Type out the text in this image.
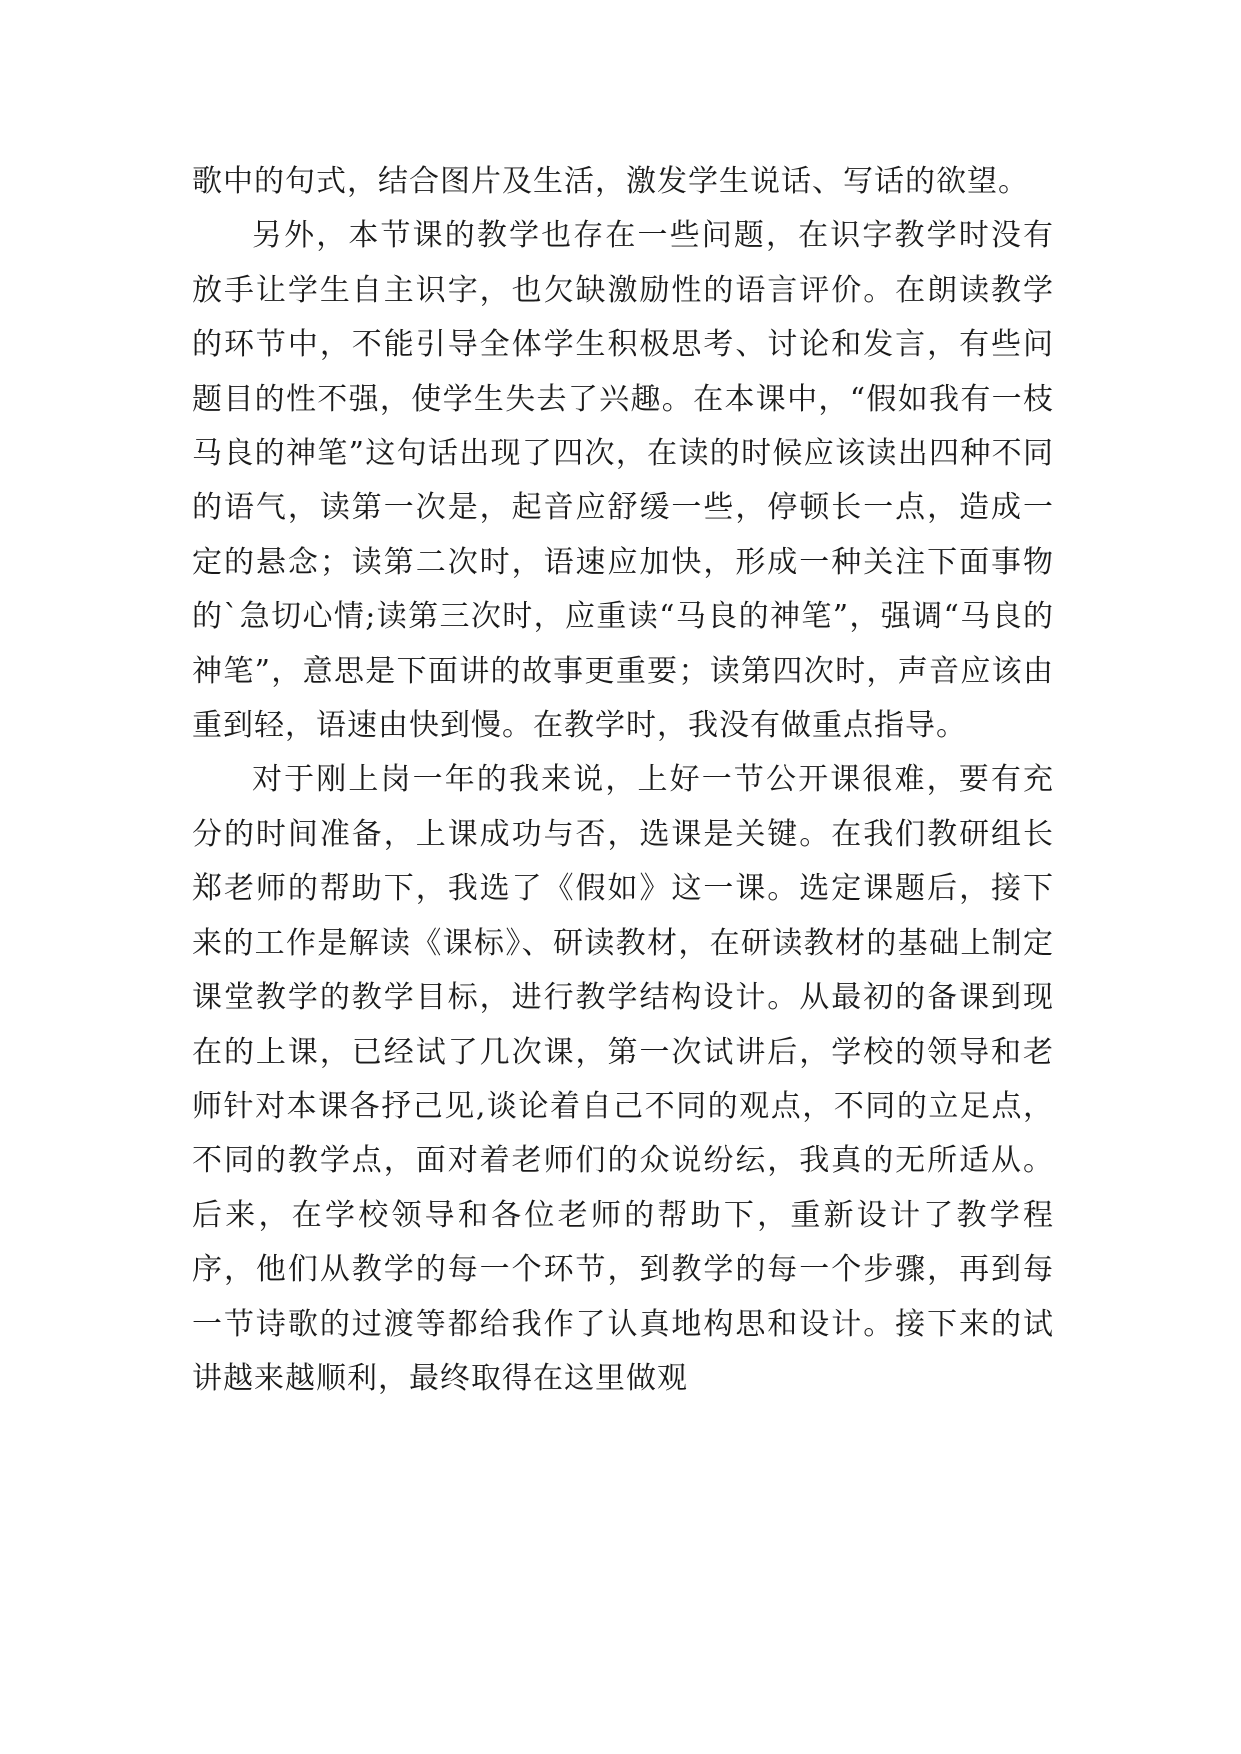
歌中的句式，结合图片及生活，激发学生说话、写话的欲望。

另外，本节课的教学也存在一些问题，在识字教学时没有放手让学生自主识字，也欠缺激励性的语言评价。在朗读教学的环节中，不能引导全体学生积极思考、讨论和发言，有些问题目的性不强，使学生失去了兴趣。在本课中，“假如我有一枝马良的神笔”这句话出现了四次，在读的时候应该读出四种不同的语气，读第一次是，起音应舒缓一些，停顿长一点，造成一定的悬念；读第二次时，语速应加快，形成一种关注下面事物的`急切心情;读第三次时，应重读“马良的神笔”，强调“马良的神笔”，意思是下面讲的故事更重要；读第四次时，声音应该由重到轻，语速由快到慢。在教学时，我没有做重点指导。

对于刚上岗一年的我来说，上好一节公开课很难，要有充分的时间准备，上课成功与否，选课是关键。在我们教研组长郑老师的帮助下，我选了《假如》这一课。选定课题后，接下来的工作是解读《课标》、研读教材，在研读教材的基础上制定课堂教学的教学目标，进行教学结构设计。从最初的备课到现在的上课，已经试了几次课，第一次试讲后，学校的领导和老师针对本课各抒己见,谈论着自己不同的观点，不同的立足点，不同的教学点，面对着老师们的众说纷纭，我真的无所适从。后来，在学校领导和各位老师的帮助下，重新设计了教学程序，他们从教学的每一个环节，到教学的每一个步骤，再到每一节诗歌的过渡等都给我作了认真地构思和设计。接下来的试讲越来越顺利，最终取得在这里做观
